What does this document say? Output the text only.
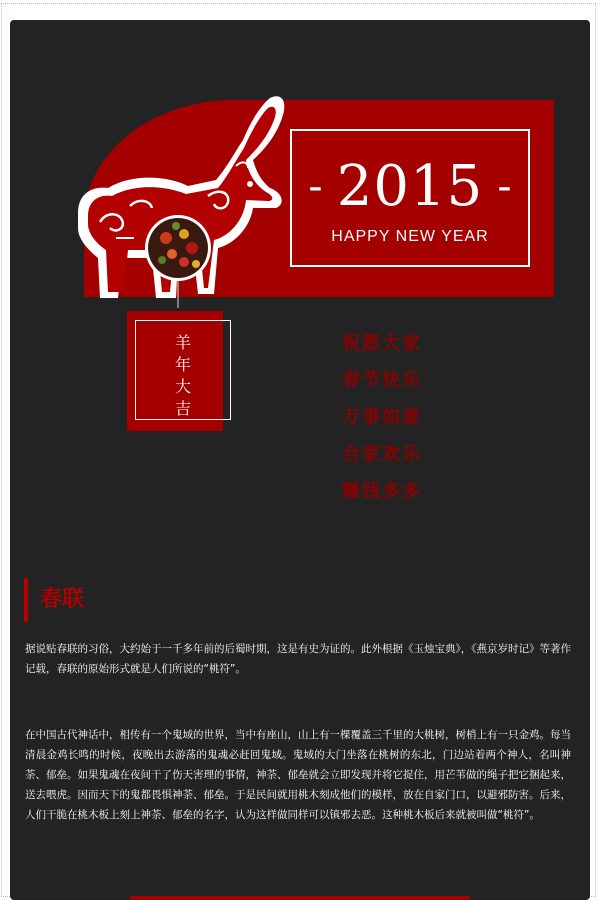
- 2015 -
HAPPY NEW YEAR
羊
年
大
吉
祝愿大家
春节快乐
万事如意
合家欢乐
赚钱多多
春联

据说贴春联的习俗，大约始于一千多年前的后蜀时期，这是有史为证的。此外根据《玉烛宝典》，《燕京岁时记》等著作记载，春联的原始形式就是人们所说的“桃符”。

在中国古代神话中，相传有一个鬼域的世界，当中有座山，山上有一棵覆盖三千里的大桃树，树梢上有一只金鸡。每当清晨金鸡长鸣的时候，夜晚出去游荡的鬼魂必赶回鬼域。鬼域的大门坐落在桃树的东北，门边站着两个神人，名叫神荼、郁垒。如果鬼魂在夜间干了伤天害理的事情，神荼、郁垒就会立即发现并将它捉住，用芒苇做的绳子把它捆起来，送去喂虎。因而天下的鬼都畏惧神荼、郁垒。于是民间就用桃木刻成他们的模样，放在自家门口，以避邪防害。后来，人们干脆在桃木板上刻上神荼、郁垒的名字，认为这样做同样可以镇邪去恶。这种桃木板后来就被叫做“桃符”。
